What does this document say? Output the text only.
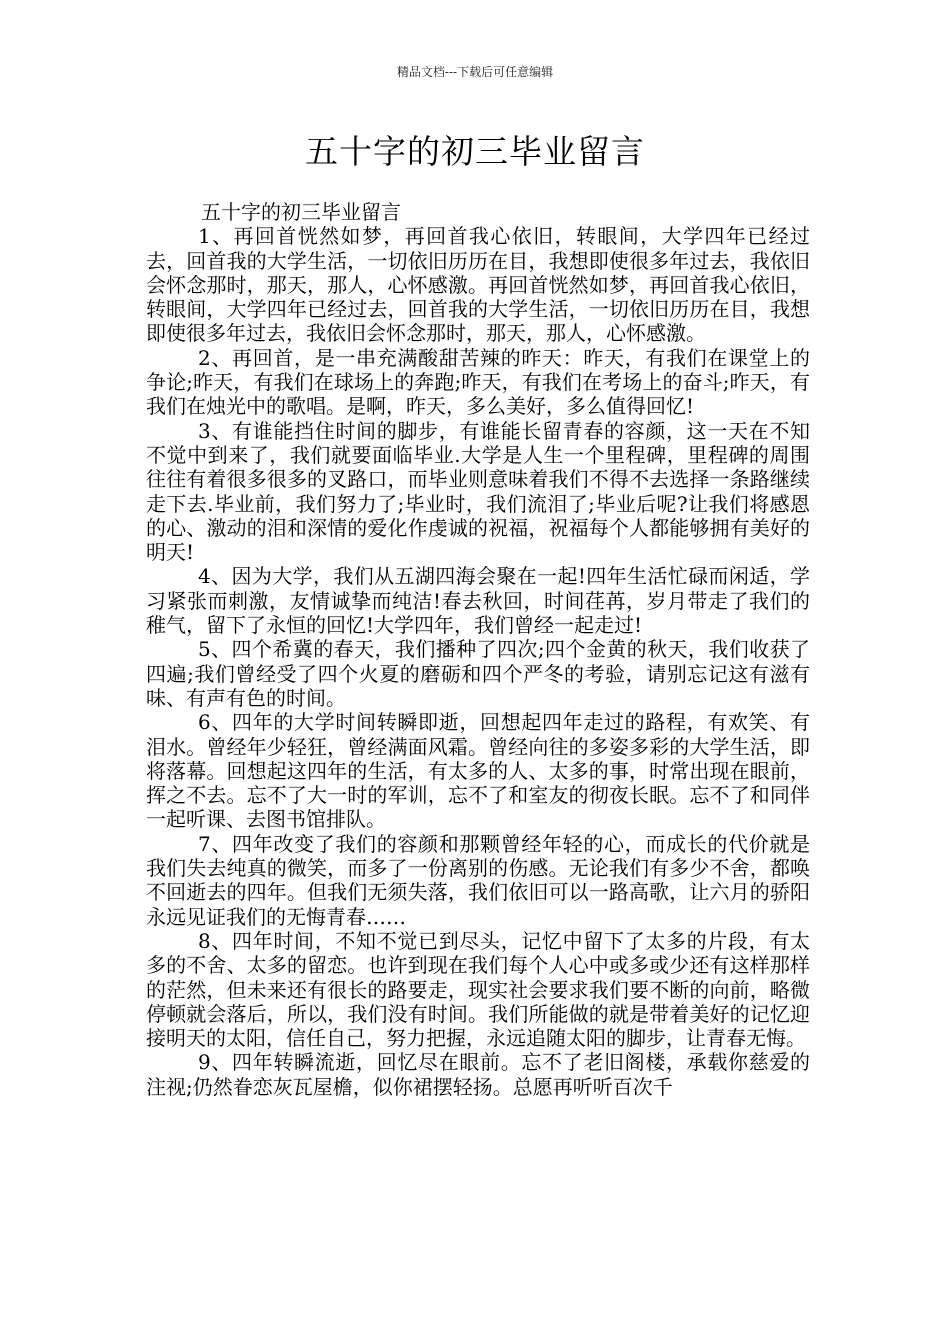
精品文档---下载后可任意编辑
五十字的初三毕业留言

五十字的初三毕业留言

1、再回首恍然如梦，再回首我心依旧，转眼间，大学四年已经过去，回首我的大学生活，一切依旧历历在目，我想即使很多年过去，我依旧会怀念那时，那天，那人，心怀感激。再回首恍然如梦，再回首我心依旧，转眼间，大学四年已经过去，回首我的大学生活，一切依旧历历在目，我想即使很多年过去，我依旧会怀念那时，那天，那人，心怀感激。

2、再回首，是一串充满酸甜苦辣的昨天：昨天，有我们在课堂上的争论;昨天，有我们在球场上的奔跑;昨天，有我们在考场上的奋斗;昨天，有我们在烛光中的歌唱。是啊，昨天，多么美好，多么值得回忆!

3、有谁能挡住时间的脚步，有谁能长留青春的容颜，这一天在不知不觉中到来了，我们就要面临毕业.大学是人生一个里程碑，里程碑的周围往往有着很多很多的叉路口，而毕业则意味着我们不得不去选择一条路继续走下去.毕业前，我们努力了;毕业时，我们流泪了;毕业后呢?让我们将感恩的心、激动的泪和深情的爱化作虔诚的祝福，祝福每个人都能够拥有美好的明天!

4、因为大学，我们从五湖四海会聚在一起!四年生活忙碌而闲适，学习紧张而刺激，友情诚挚而纯洁!春去秋回，时间荏苒，岁月带走了我们的稚气，留下了永恒的回忆!大学四年，我们曾经一起走过!

5、四个希冀的春天，我们播种了四次;四个金黄的秋天，我们收获了四遍;我们曾经受了四个火夏的磨砺和四个严冬的考验，请别忘记这有滋有味、有声有色的时间。

6、四年的大学时间转瞬即逝，回想起四年走过的路程，有欢笑、有泪水。曾经年少轻狂，曾经满面风霜。曾经向往的多姿多彩的大学生活，即将落幕。回想起这四年的生活，有太多的人、太多的事，时常出现在眼前，挥之不去。忘不了大一时的军训，忘不了和室友的彻夜长眠。忘不了和同伴一起听课、去图书馆排队。

7、四年改变了我们的容颜和那颗曾经年轻的心，而成长的代价就是我们失去纯真的微笑，而多了一份离别的伤感。无论我们有多少不舍，都唤不回逝去的四年。但我们无须失落，我们依旧可以一路高歌，让六月的骄阳永远见证我们的无悔青春……

8、四年时间，不知不觉已到尽头，记忆中留下了太多的片段，有太多的不舍、太多的留恋。也许到现在我们每个人心中或多或少还有这样那样的茫然，但未来还有很长的路要走，现实社会要求我们要不断的向前，略微停顿就会落后，所以，我们没有时间。我们所能做的就是带着美好的记忆迎接明天的太阳，信任自己，努力把握，永远追随太阳的脚步，让青春无悔。

9、四年转瞬流逝，回忆尽在眼前。忘不了老旧阁楼，承载你慈爱的注视;仍然眷恋灰瓦屋檐，似你裙摆轻扬。总愿再听听百次千
